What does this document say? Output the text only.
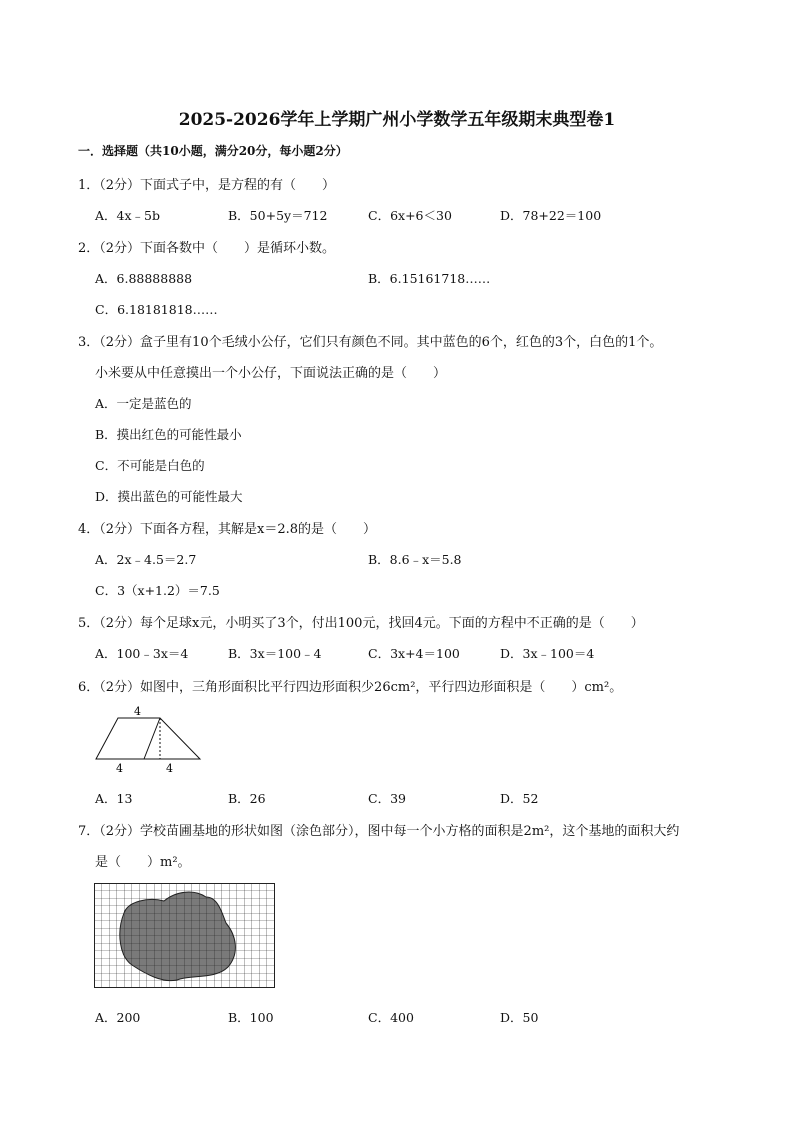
2025-2026学年上学期广州小学数学五年级期末典型卷1
一．选择题（共10小题，满分20分，每小题2分）
1．（2分）下面式子中，是方程的有（　　）
A．4x﹣5b	B．50+5y＝712	C．6x+6＜30	D．78+22＝100
2．（2分）下面各数中（　　）是循环小数。
A．6.88888888	B．6.15161718……
C．6.18181818……
3．（2分）盒子里有10个毛绒小公仔，它们只有颜色不同。其中蓝色的6个，红色的3个，白色的1个。
小米要从中任意摸出一个小公仔，下面说法正确的是（　　）
A．一定是蓝色的
B．摸出红色的可能性最小
C．不可能是白色的
D．摸出蓝色的可能性最大
4．（2分）下面各方程，其解是x＝2.8的是（　　）
A．2x﹣4.5＝2.7	B．8.6﹣x＝5.8
C．3（x+1.2）＝7.5
5．（2分）每个足球x元，小明买了3个，付出100元，找回4元。下面的方程中不正确的是（　　）
A．100﹣3x＝4	B．3x＝100﹣4	C．3x+4＝100	D．3x﹣100＝4
6．（2分）如图中，三角形面积比平行四边形面积少26cm²，平行四边形面积是（　　）cm²。
4
4	4
A．13	B．26	C．39	D．52
7．（2分）学校苗圃基地的形状如图（涂色部分），图中每一个小方格的面积是2m²，这个基地的面积大约
是（　　）m²。
A．200	B．100	C．400	D．50
